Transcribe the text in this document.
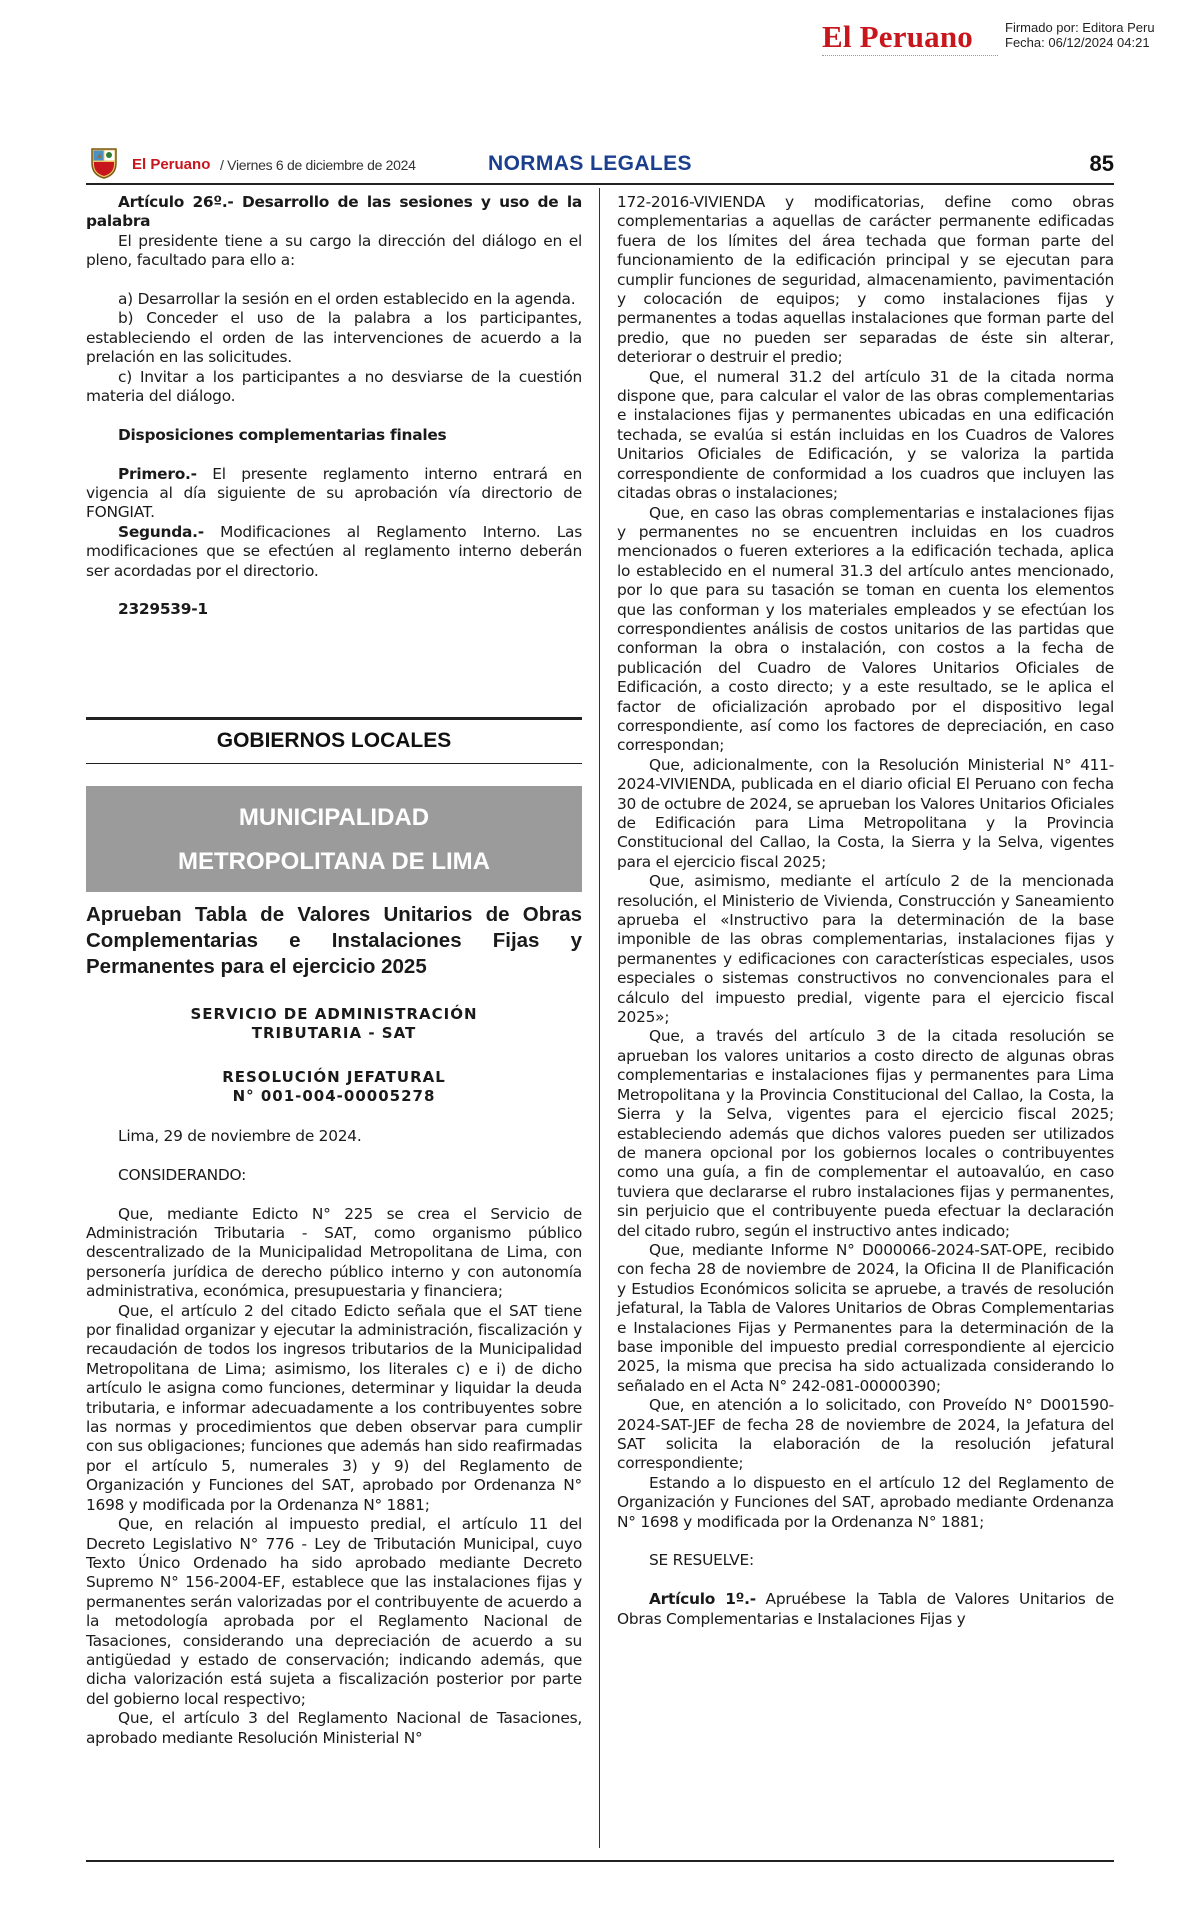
El Peruano	Firmado por: Editora Peru
Fecha: 06/12/2024 04:21
El Peruano / Viernes 6 de diciembre de 2024	NORMAS LEGALES	85

Artículo 26º.- Desarrollo de las sesiones y uso de la palabra

El presidente tiene a su cargo la dirección del diálogo en el pleno, facultado para ello a:

a) Desarrollar la sesión en el orden establecido en la agenda.

b) Conceder el uso de la palabra a los participantes, estableciendo el orden de las intervenciones de acuerdo a la prelación en las solicitudes.

c) Invitar a los participantes a no desviarse de la cuestión materia del diálogo.

Disposiciones complementarias finales

Primero.- El presente reglamento interno entrará en vigencia al día siguiente de su aprobación vía directorio de FONGIAT.

Segunda.- Modificaciones al Reglamento Interno. Las modificaciones que se efectúen al reglamento interno deberán ser acordadas por el directorio.

2329539-1

GOBIERNOS LOCALES
MUNICIPALIDAD
METROPOLITANA DE LIMA
Aprueban Tabla de Valores Unitarios de Obras Complementarias e Instalaciones Fijas y Permanentes para el ejercicio 2025
SERVICIO DE ADMINISTRACIÓN
TRIBUTARIA - SAT
RESOLUCIÓN JEFATURAL
N° 001-004-00005278

Lima, 29 de noviembre de 2024.

CONSIDERANDO:

Que, mediante Edicto N° 225 se crea el Servicio de Administración Tributaria - SAT, como organismo público descentralizado de la Municipalidad Metropolitana de Lima, con personería jurídica de derecho público interno y con autonomía administrativa, económica, presupuestaria y financiera;

Que, el artículo 2 del citado Edicto señala que el SAT tiene por finalidad organizar y ejecutar la administración, fiscalización y recaudación de todos los ingresos tributarios de la Municipalidad Metropolitana de Lima; asimismo, los literales c) e i) de dicho artículo le asigna como funciones, determinar y liquidar la deuda tributaria, e informar adecuadamente a los contribuyentes sobre las normas y procedimientos que deben observar para cumplir con sus obligaciones; funciones que además han sido reafirmadas por el artículo 5, numerales 3) y 9) del Reglamento de Organización y Funciones del SAT, aprobado por Ordenanza N° 1698 y modificada por la Ordenanza N° 1881;

Que, en relación al impuesto predial, el artículo 11 del Decreto Legislativo N° 776 - Ley de Tributación Municipal, cuyo Texto Único Ordenado ha sido aprobado mediante Decreto Supremo N° 156-2004-EF, establece que las instalaciones fijas y permanentes serán valorizadas por el contribuyente de acuerdo a la metodología aprobada por el Reglamento Nacional de Tasaciones, considerando una depreciación de acuerdo a su antigüedad y estado de conservación; indicando además, que dicha valorización está sujeta a fiscalización posterior por parte del gobierno local respectivo;

Que, el artículo 3 del Reglamento Nacional de Tasaciones, aprobado mediante Resolución Ministerial N°

172-2016-VIVIENDA y modificatorias, define como obras complementarias a aquellas de carácter permanente edificadas fuera de los límites del área techada que forman parte del funcionamiento de la edificación principal y se ejecutan para cumplir funciones de seguridad, almacenamiento, pavimentación y colocación de equipos; y como instalaciones fijas y permanentes a todas aquellas instalaciones que forman parte del predio, que no pueden ser separadas de éste sin alterar, deteriorar o destruir el predio;

Que, el numeral 31.2 del artículo 31 de la citada norma dispone que, para calcular el valor de las obras complementarias e instalaciones fijas y permanentes ubicadas en una edificación techada, se evalúa si están incluidas en los Cuadros de Valores Unitarios Oficiales de Edificación, y se valoriza la partida correspondiente de conformidad a los cuadros que incluyen las citadas obras o instalaciones;

Que, en caso las obras complementarias e instalaciones fijas y permanentes no se encuentren incluidas en los cuadros mencionados o fueren exteriores a la edificación techada, aplica lo establecido en el numeral 31.3 del artículo antes mencionado, por lo que para su tasación se toman en cuenta los elementos que las conforman y los materiales empleados y se efectúan los correspondientes análisis de costos unitarios de las partidas que conforman la obra o instalación, con costos a la fecha de publicación del Cuadro de Valores Unitarios Oficiales de Edificación, a costo directo; y a este resultado, se le aplica el factor de oficialización aprobado por el dispositivo legal correspondiente, así como los factores de depreciación, en caso correspondan;

Que, adicionalmente, con la Resolución Ministerial N° 411-2024-VIVIENDA, publicada en el diario oficial El Peruano con fecha 30 de octubre de 2024, se aprueban los Valores Unitarios Oficiales de Edificación para Lima Metropolitana y la Provincia Constitucional del Callao, la Costa, la Sierra y la Selva, vigentes para el ejercicio fiscal 2025;

Que, asimismo, mediante el artículo 2 de la mencionada resolución, el Ministerio de Vivienda, Construcción y Saneamiento aprueba el «Instructivo para la determinación de la base imponible de las obras complementarias, instalaciones fijas y permanentes y edificaciones con características especiales, usos especiales o sistemas constructivos no convencionales para el cálculo del impuesto predial, vigente para el ejercicio fiscal 2025»;

Que, a través del artículo 3 de la citada resolución se aprueban los valores unitarios a costo directo de algunas obras complementarias e instalaciones fijas y permanentes para Lima Metropolitana y la Provincia Constitucional del Callao, la Costa, la Sierra y la Selva, vigentes para el ejercicio fiscal 2025; estableciendo además que dichos valores pueden ser utilizados de manera opcional por los gobiernos locales o contribuyentes como una guía, a fin de complementar el autoavalúo, en caso tuviera que declararse el rubro instalaciones fijas y permanentes, sin perjuicio que el contribuyente pueda efectuar la declaración del citado rubro, según el instructivo antes indicado;

Que, mediante Informe N° D000066-2024-SAT-OPE, recibido con fecha 28 de noviembre de 2024, la Oficina II de Planificación y Estudios Económicos solicita se apruebe, a través de resolución jefatural, la Tabla de Valores Unitarios de Obras Complementarias e Instalaciones Fijas y Permanentes para la determinación de la base imponible del impuesto predial correspondiente al ejercicio 2025, la misma que precisa ha sido actualizada considerando lo señalado en el Acta N° 242-081-00000390;

Que, en atención a lo solicitado, con Proveído N° D001590-2024-SAT-JEF de fecha 28 de noviembre de 2024, la Jefatura del SAT solicita la elaboración de la resolución jefatural correspondiente;

Estando a lo dispuesto en el artículo 12 del Reglamento de Organización y Funciones del SAT, aprobado mediante Ordenanza N° 1698 y modificada por la Ordenanza N° 1881;

SE RESUELVE:

Artículo 1º.- Apruébese la Tabla de Valores Unitarios de Obras Complementarias e Instalaciones Fijas y
